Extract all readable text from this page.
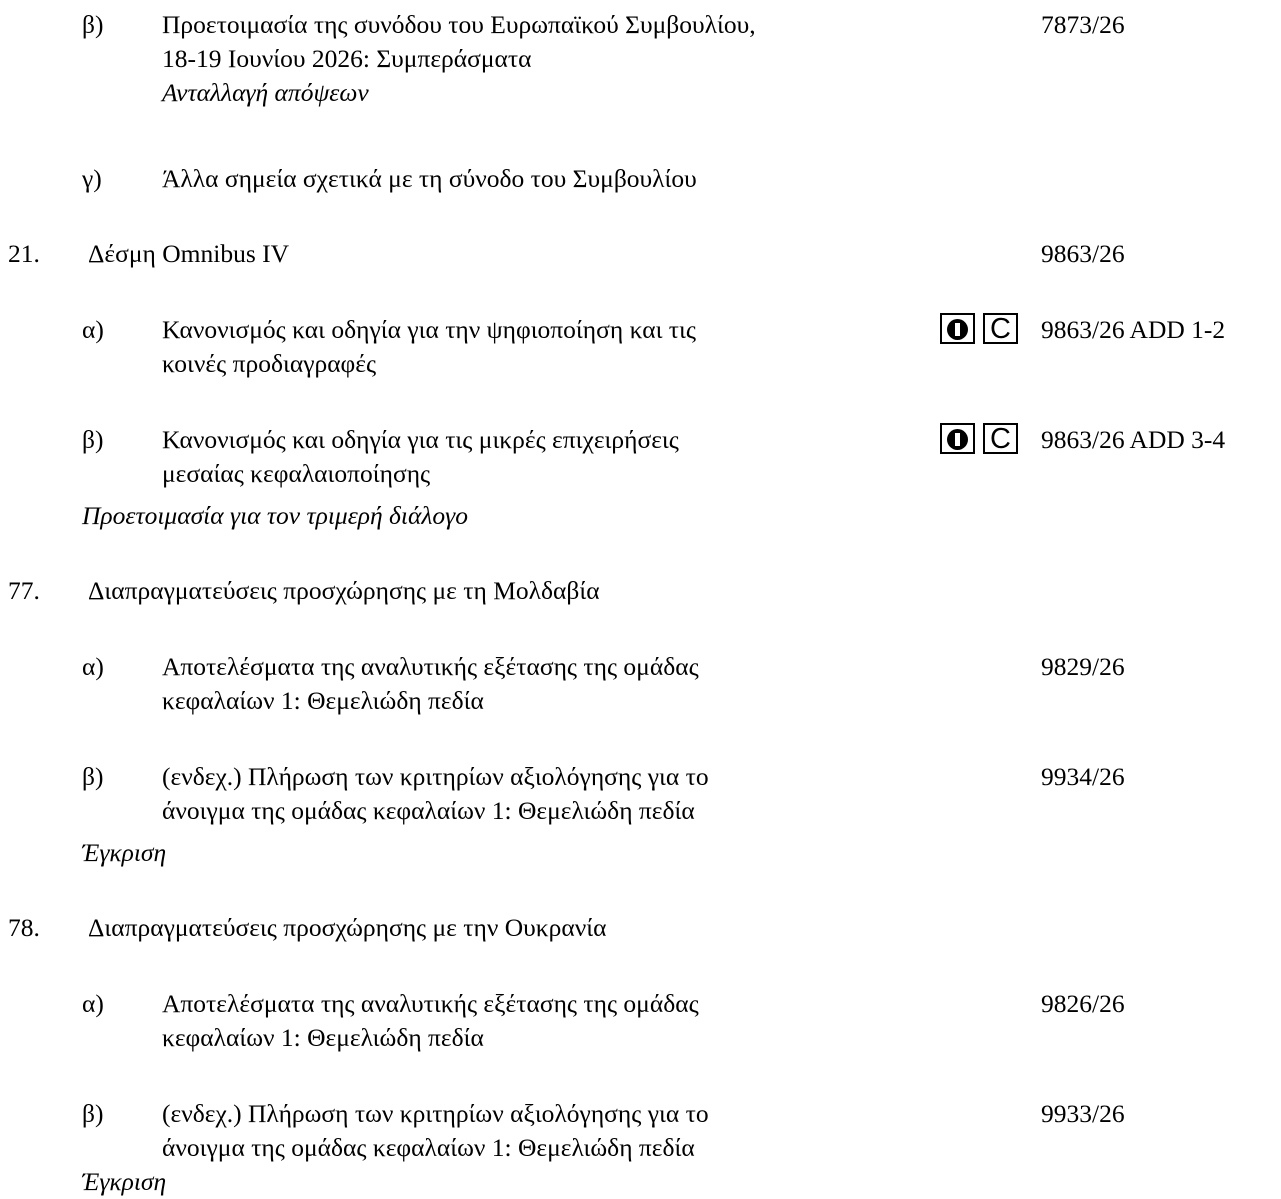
β) Προετοιμασία της συνόδου του Ευρωπαϊκού Συμβουλίου,
18-19 Ιουνίου 2026: Συμπεράσματα
Ανταλλαγή απόψεων
7873/26
γ) Άλλα σημεία σχετικά με τη σύνοδο του Συμβουλίου
21. Δέσμη Omnibus IV	9863/26
α) Κανονισμός και οδηγία για την ψηφιοποίηση και τις
κοινές προδιαγραφές
C 9863/26 ADD 1-2
β) Κανονισμός και οδηγία για τις μικρές επιχειρήσεις
μεσαίας κεφαλαιοποίησης
C 9863/26 ADD 3-4
Προετοιμασία για τον τριμερή διάλογο
77. Διαπραγματεύσεις προσχώρησης με τη Μολδαβία
α) Αποτελέσματα της αναλυτικής εξέτασης της ομάδας
κεφαλαίων 1: Θεμελιώδη πεδία
9829/26
β) (ενδεχ.) Πλήρωση των κριτηρίων αξιολόγησης για το
άνοιγμα της ομάδας κεφαλαίων 1: Θεμελιώδη πεδία
9934/26
Έγκριση
78. Διαπραγματεύσεις προσχώρησης με την Ουκρανία
α) Αποτελέσματα της αναλυτικής εξέτασης της ομάδας
κεφαλαίων 1: Θεμελιώδη πεδία
9826/26
β) (ενδεχ.) Πλήρωση των κριτηρίων αξιολόγησης για το
άνοιγμα της ομάδας κεφαλαίων 1: Θεμελιώδη πεδία
9933/26
Έγκριση
